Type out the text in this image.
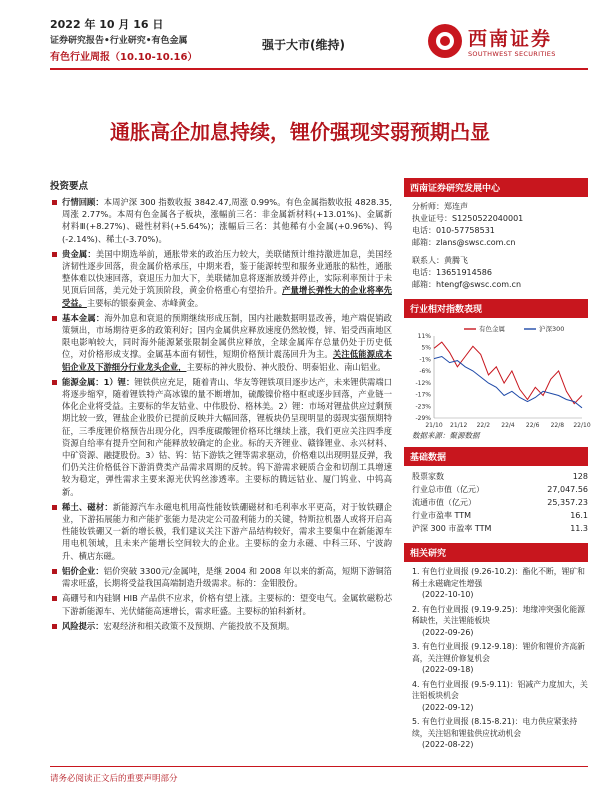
2022 年 10 月 16 日
证券研究报告•行业研究•有色金属
有色行业周报（10.10-10.16）
强于大市(维持)	西南证券
SOUTHWEST SECURITIES
通胀高企加息持续，锂价强现实弱预期凸显
投资要点
行情回顾：本周沪深 300 指数收报 3842.47,周涨 0.99%。有色金属指数收报 4828.35,周涨 2.77%。本周有色金属各子板块，涨幅前三名：非金属新材料(+13.01%)、金属新材料Ⅲ(+8.27%)、磁性材料(+5.64%)；涨幅后三名：其他稀有小金属(+0.96%)、钨(-2.14%)、稀土(-3.70%)。
贵金属：美国中期选举前，通胀带来的政治压力较大，美联储预计维持激进加息，美国经济韧性逐步回落，贵金属价格承压，中期来看，鉴于能源转型和服务业通胀的粘性，通胀整体难以快速回落，衰退压力加大下，美联储加息将逐渐放缓并停止，实际利率预计于未见顶后回落，美元处于筑顶阶段，黄金价格重心有望抬升。产量增长弹性大的企业将率先受益。主要标的银泰黄金、赤峰黄金。
基本金属：海外加息和衰退的预期继续形成压制，国内社融数据明显改善，地产端促销政策频出，市场期待更多的政策利好；国内金属供应释放速度仍然较慢，锌、铝受西南地区限电影响较大，同时海外能源紧张限制金属供应释放，全球金属库存总量仍处于历史低位，对价格形成支撑。金属基本面有韧性，短期价格预计震荡回升为主。关注低能源成本铝企业及下游细分行业龙头企业，主要标的神火股份、神火股份、明泰铝业、南山铝业。
能源金属：1）锂：锂铁供应充足，随着青山、华友等锂铁项目逐步达产，未来锂供需端口将逐步缩窄，随着锂铁特产高冰镍的量不断增加，硫酸镍价格中枢或逐步回落，产业链一体化企业将受益。主要标的华友钴业、中伟股份、格林美。2）锂：市场对锂盐供应过剩预期比较一致，锂盐企业股价已提前反映并大幅回落，锂板块仍呈现明显的弱现实强预期特征，三季度锂价格预告出现分化，四季度碳酸锂价格环比继续上涨，我们更应关注四季度资源自给率有提升空间和产能释放较确定的企业。标的天齐锂业、赣锋锂业、永兴材料、中矿资源、融捷股份。3）钴、钨：钴下游铁之锂等需求驱动，价格难以出现明显反弹，我们仍关注价格低谷下游消费类产品需求周期的反转。钨下游需求硬质合金和切削工具增速较为稳定，弹性需求主要来源光伏钨丝渗透率。主要标的腾远钴业、厦门钨业、中钨高新。
稀土、磁材：新能源汽车永磁电机用高性能钕铁硼磁材和毛利率水平更高，对于钕铁硼企业，下游拓展能力和产能扩张能力是决定公司盈利能力的关键，特斯拉机器人或将开启高性能钕铁硼又一新的增长极，我们建议关注下游产品结构较好，需求主要集中在新能源车用电机领域，且未来产能增长空间较大的企业。主要标的金力永磁、中科三环、宁波韵升、横店东磁。
铝价企业：铝价突破 3300元/金属吨，是继 2004 和 2008 年以来的新高，短期下游铜箔需求旺盛，长期将受益我国高端制造升级需求。标的：金钼股份。
高硼号和内硅钢 HIB 产品供不应求，价格有望上涨。主要标的：望变电气。金属软磁粉芯下游新能源车、光伏储能高速增长，需求旺盛。主要标的铂科新材。
风险提示：宏观经济和相关政策不及预期、产能投放不及预期。
西南证券研究发展中心
分析师：郑连声
执业证号：S1250522040001
电话：010-57758531
邮箱：zlans@swsc.com.cn
联系人：黄腾飞
电话：13651914586
邮箱：htengf@swsc.com.cn
行业相对指数表现
11%
5%
-1%
-6%
-12%
-17%
-23%
-29%
21/10 21/12 22/2 22/4 22/6 22/8 22/10
有色金属	沪深300
数据来源：聚源数据
基础数据
股票家数	128
行业总市值（亿元）	27,047.56
流通市值（亿元）	25,357.23
行业市盈率 TTM	16.1
沪深 300 市盈率 TTM	11.3
相关研究
1. 有色行业周报 (9.26-10.2)：酯化不断，锂矿和稀土永磁确定性增强
(2022-10-10)
2. 有色行业周报 (9.19-9.25)：地缘冲突强化能源稀缺性，关注锂能板块
(2022-09-26)
3. 有色行业周报 (9.12-9.18)：锂价和锂价齐高新高，关注锂价修复机会
(2022-09-18)
4. 有色行业周报 (9.5-9.11)：铝减产力度加大，关注铝板块机会
(2022-09-12)
5. 有色行业周报 (8.15-8.21)：电力供应紧张持续，关注铝和锂盐供应扰动机会
(2022-08-22)
请务必阅读正文后的重要声明部分
